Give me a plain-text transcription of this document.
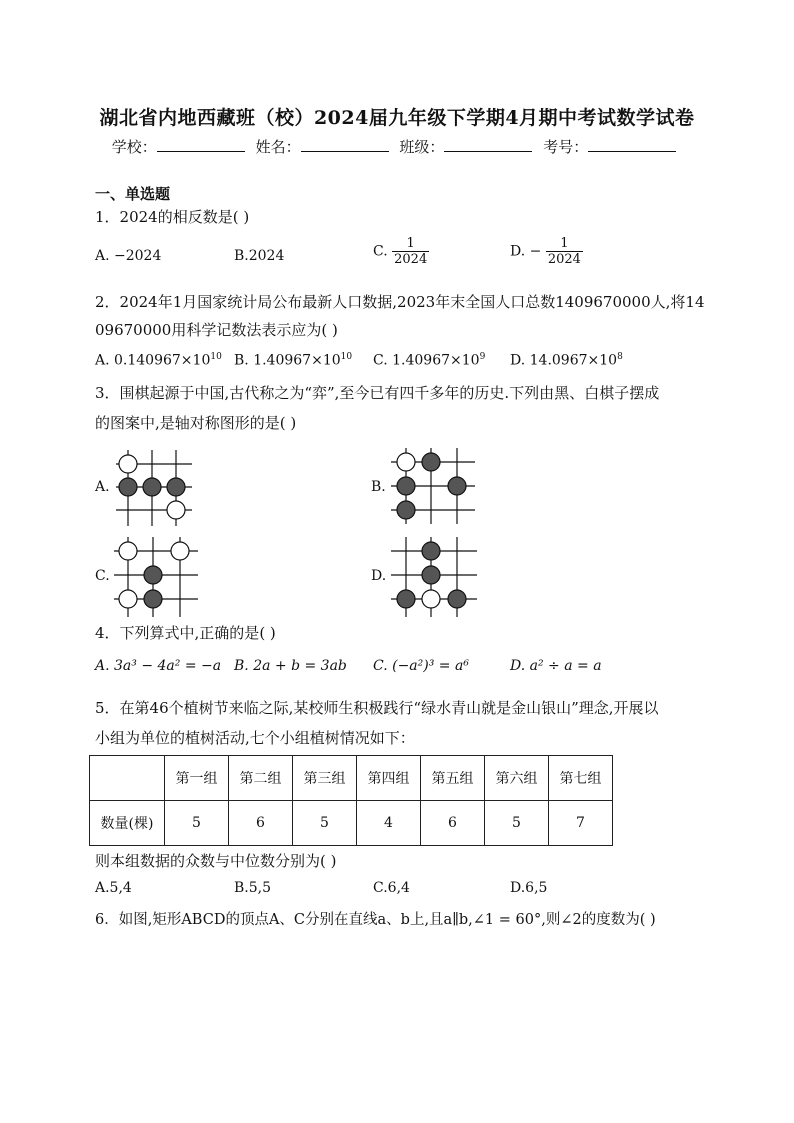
湖北省内地西藏班（校）2024届九年级下学期4月期中考试数学试卷
学校：	姓名：	班级：	考号：
一、单选题
1．2024的相反数是( )
A. −2024	B.2024	C. $\frac{1}{2024}$	D. − $\frac{1}{2024}$
2．2024年1月国家统计局公布最新人口数据,2023年末全国人口总数1409670000人,将14
09670000用科学记数法表示应为( )
A. $0.140967\times 10^{10}$ B. $1.40967\times 10^{10}$ C. $1.40967\times 10^9$ D. $14.0967\times 10^8$
3．围棋起源于中国,古代称之为“弈”,至今已有四千多年的历史.下列由黑、白棋子摆成
的图案中,是轴对称图形的是( )
A.	B.
C.	D.
4．下列算式中,正确的是( )
A. 3a³ − 4a² = −a B. 2a + b = 3ab C. (−a²)³ = a⁶	D. a² ÷ a = a
5．在第46个植树节来临之际,某校师生积极践行“绿水青山就是金山银山”理念,开展以
小组为单位的植树活动,七个小组植树情况如下：
	第一组	第二组	第三组	第四组	第五组	第六组	第七组
数量(棵)	5	6	5	4	6	5	7
则本组数据的众数与中位数分别为( )
A.5,4	B.5,5	C.6,4	D.6,5
6．如图,矩形ABCD的顶点A、C分别在直线a、b上,且a∥b,∠1 = 60°,则∠2的度数为( )
